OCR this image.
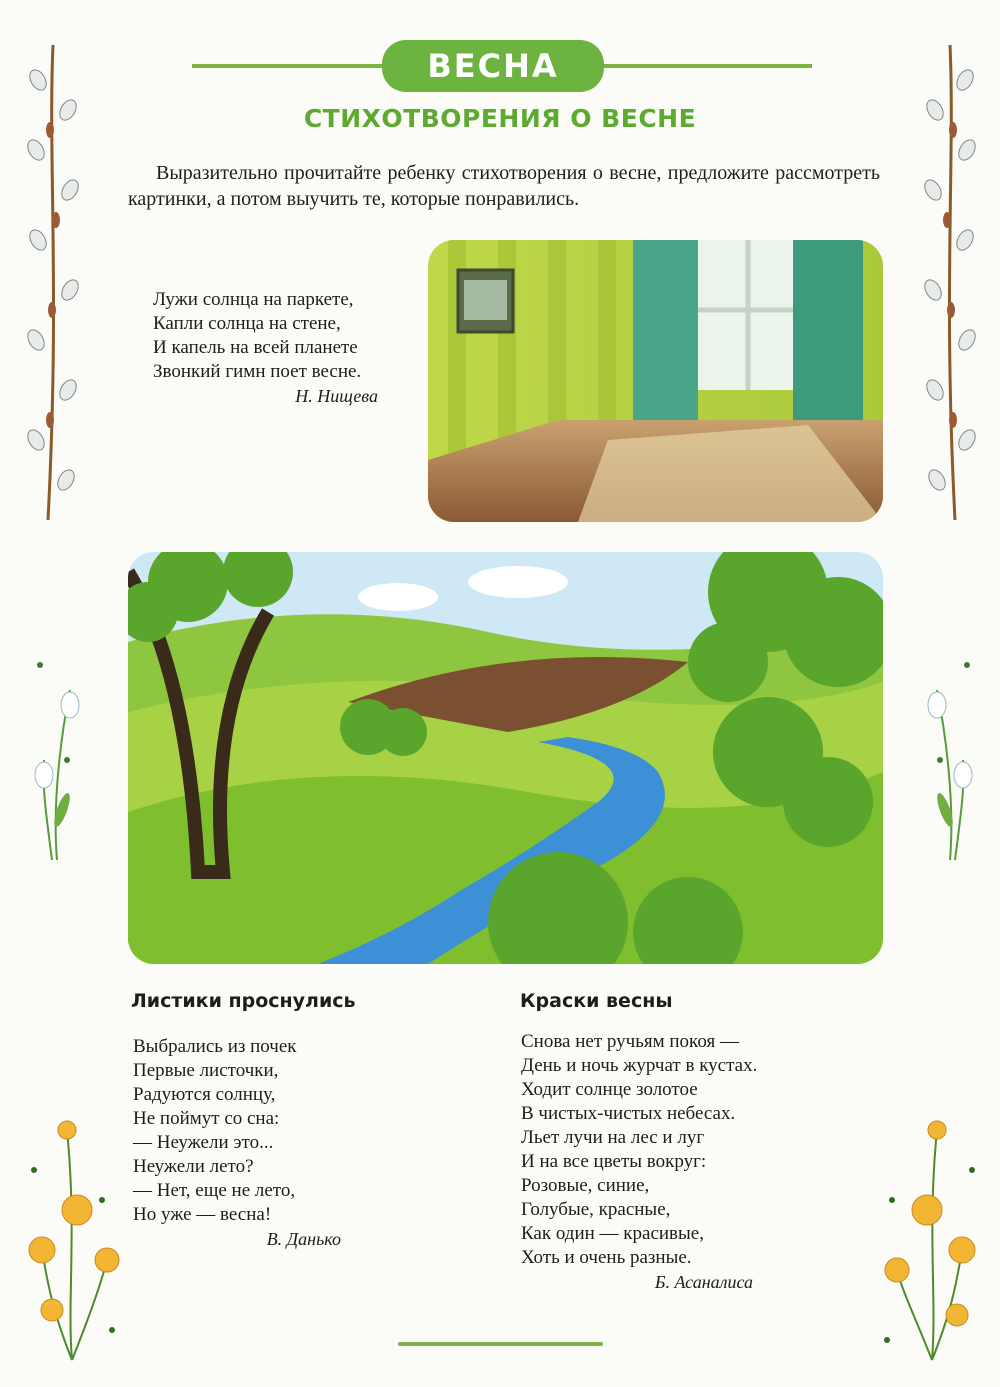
ВЕСНА
СТИХОТВОРЕНИЯ О ВЕСНЕ
Выразительно прочитайте ребенку стихотворения о весне, предложите рассмотреть картинки, а потом выучить те, которые понравились.
Лужи солнца на паркете,
Капли солнца на стене,
И капель на всей планете
Звонкий гимн поет весне.
Н. Нищева
Листики проснулись
Выбрались из почек
Первые листочки,
Радуются солнцу,
Не поймут со сна:
— Неужели это...
Неужели лето?
— Нет, еще не лето,
Но уже — весна!
В. Данько
Краски весны
Снова нет ручьям покоя —
День и ночь журчат в кустах.
Ходит солнце золотое
В чистых-чистых небесах.
Льет лучи на лес и луг
И на все цветы вокруг:
Розовые, синие,
Голубые, красные,
Как один — красивые,
Хоть и очень разные.
Б. Асаналиса
